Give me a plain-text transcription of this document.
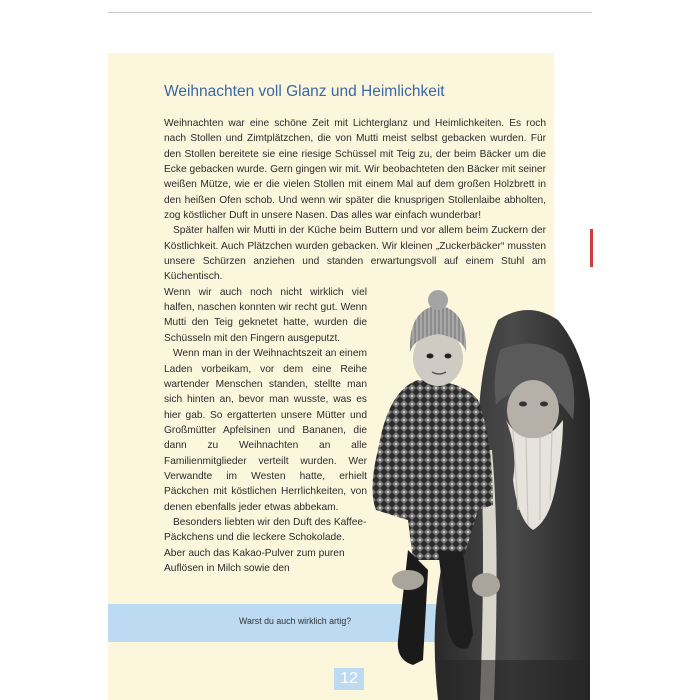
Weihnachten voll Glanz und Heimlichkeit

Weihnachten war eine schöne Zeit mit Lichterglanz und Heimlichkeiten. Es roch nach Stollen und Zimtplätzchen, die von Mutti meist selbst gebacken wurden. Für den Stollen bereitete sie eine riesige Schüssel mit Teig zu, der beim Bäcker um die Ecke gebacken wurde. Gern gingen wir mit. Wir beobachteten den Bäcker mit seiner weißen Mütze, wie er die vielen Stollen mit einem Mal auf dem großen Holzbrett in den heißen Ofen schob. Und wenn wir später die knusprigen Stollenlaibe abholten, zog köstlicher Duft in unsere Nasen. Das alles war einfach wunderbar!

Später halfen wir Mutti in der Küche beim Buttern und vor allem beim Zuckern der Köstlichkeit. Auch Plätzchen wurden gebacken. Wir kleinen „Zuckerbäcker“ mussten unsere Schürzen anziehen und standen erwartungsvoll auf einem Stuhl am Küchentisch.

Wenn wir auch noch nicht wirklich viel halfen, naschen konnten wir recht gut. Wenn Mutti den Teig geknetet hatte, wurden die Schüsseln mit den Fingern ausgeputzt.

Wenn man in der Weihnachtszeit an einem Laden vorbeikam, vor dem eine Reihe wartender Menschen standen, stellte man sich hinten an, bevor man wusste, was es hier gab. So ergatterten unsere Mütter und Großmütter Apfelsinen und Bananen, die dann zu Weihnachten an alle Familienmitglieder verteilt wurden. Wer Verwandte im Westen hatte, erhielt Päckchen mit köstlichen Herrlichkeiten, von denen ebenfalls jeder etwas abbekam.

Besonders liebten wir den Duft des Kaffee-Päckchens und die leckere Schokolade. Aber auch das Kakao-Pulver zum puren Auflösen in Milch sowie den

Warst du auch wirklich artig?
12
